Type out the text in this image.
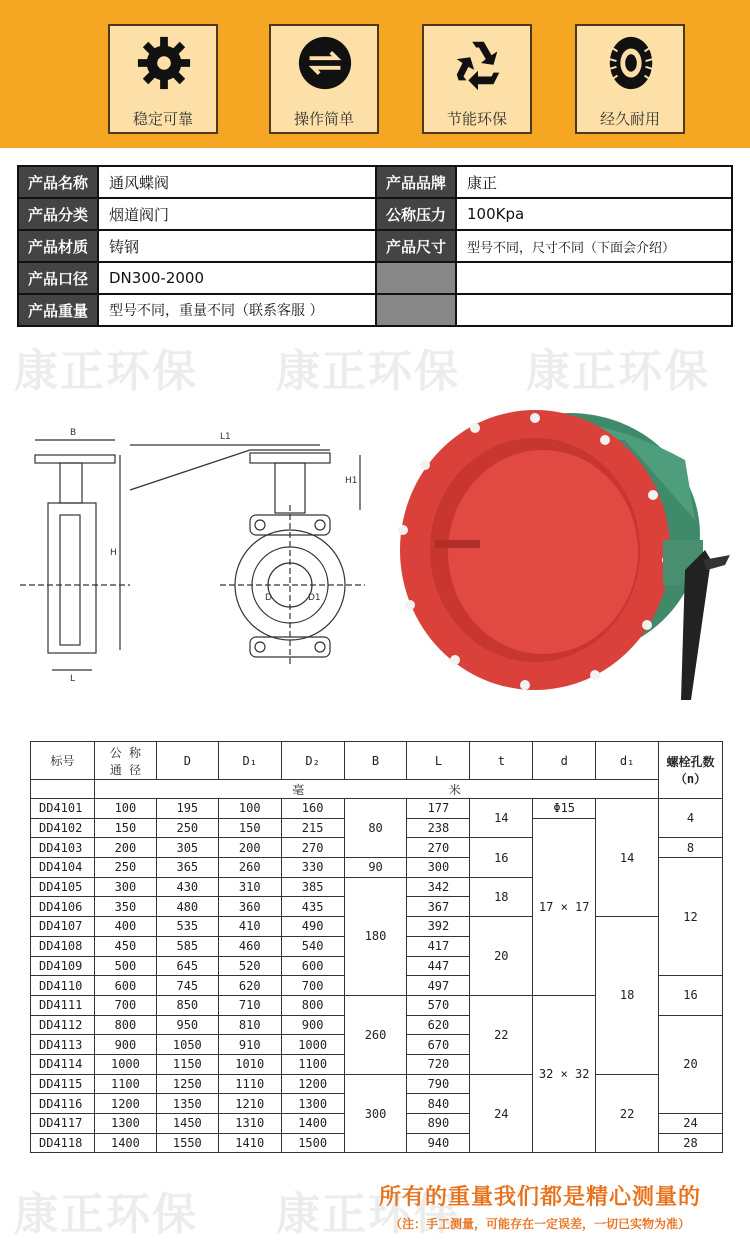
稳定可靠	操作简单	节能环保	经久耐用
产品名称	通风蝶阀	产品品牌	康正
产品分类	烟道阀门	公称压力	100Kpa
产品材质	铸钢	产品尺寸	型号不同，尺寸不同（下面会介绍）
产品口径	DN300-2000		
产品重量	型号不同，重量不同（联系客服 ）		
康正环保 康正环保 康正环保
B	L1
H1
H
L
D	D1
标号	公 称
通 径	D	D₁	D₂	B	L	t	d	d₁	螺栓孔数
（n）
	毫 米									
DD4101	100	195	100	160	80	177	14	Φ15	14	4
DD4102	150	250	150	215		238		17 × 17		
DD4103	200	305	200	270		270	16			8
DD4104	250	365	260	330	90	300				12
DD4105	300	430	310	385	180	342	18			
DD4106	350	480	360	435		367				
DD4107	400	535	410	490		392	20		18	
DD4108	450	585	460	540		417				
DD4109	500	645	520	600		447				
DD4110	600	745	620	700		497				16
DD4111	700	850	710	800	260	570	22	32 × 32		
DD4112	800	950	810	900		620				20
DD4113	900	1050	910	1000		670				
DD4114	1000	1150	1010	1100		720				
DD4115	1100	1250	1110	1200	300	790	24		22	
DD4116	1200	1350	1210	1300		840				
DD4117	1300	1450	1310	1400		890				24
DD4118	1400	1550	1410	1500		940				28
康正环保 康正环保
所有的重量我们都是精心测量的
（注：手工测量，可能存在一定误差，一切已实物为准）
